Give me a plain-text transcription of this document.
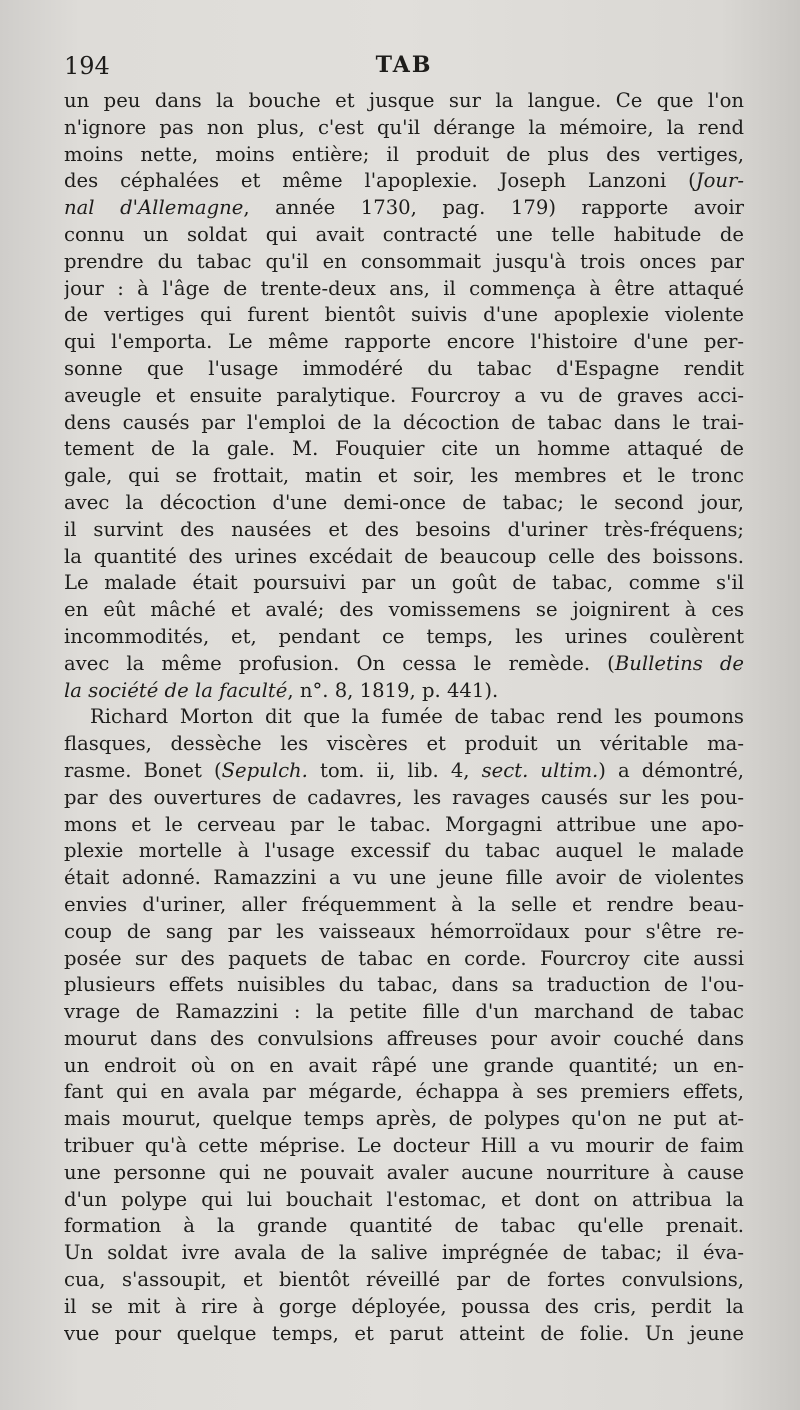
194	TAB
un peu dans la bouche et jusque sur la langue. Ce que l'on
n'ignore pas non plus, c'est qu'il dérange la mémoire, la rend
moins nette, moins entière; il produit de plus des vertiges,
des céphalées et même l'apoplexie. Joseph Lanzoni (Jour-
nal d'Allemagne, année 1730, pag. 179) rapporte avoir
connu un soldat qui avait contracté une telle habitude de
prendre du tabac qu'il en consommait jusqu'à trois onces par
jour : à l'âge de trente-deux ans, il commença à être attaqué
de vertiges qui furent bientôt suivis d'une apoplexie violente
qui l'emporta. Le même rapporte encore l'histoire d'une per-
sonne que l'usage immodéré du tabac d'Espagne rendit
aveugle et ensuite paralytique. Fourcroy a vu de graves acci-
dens causés par l'emploi de la décoction de tabac dans le trai-
tement de la gale. M. Fouquier cite un homme attaqué de
gale, qui se frottait, matin et soir, les membres et le tronc
avec la décoction d'une demi-once de tabac; le second jour,
il survint des nausées et des besoins d'uriner très-fréquens;
la quantité des urines excédait de beaucoup celle des boissons.
Le malade était poursuivi par un goût de tabac, comme s'il
en eût mâché et avalé; des vomissemens se joignirent à ces
incommodités, et, pendant ce temps, les urines coulèrent
avec la même profusion. On cessa le remède. (Bulletins de
la société de la faculté, n°. 8, 1819, p. 441).
Richard Morton dit que la fumée de tabac rend les poumons
flasques, dessèche les viscères et produit un véritable ma-
rasme. Bonet (Sepulch. tom. ii, lib. 4, sect. ultim.) a démontré,
par des ouvertures de cadavres, les ravages causés sur les pou-
mons et le cerveau par le tabac. Morgagni attribue une apo-
plexie mortelle à l'usage excessif du tabac auquel le malade
était adonné. Ramazzini a vu une jeune fille avoir de violentes
envies d'uriner, aller fréquemment à la selle et rendre beau-
coup de sang par les vaisseaux hémorroïdaux pour s'être re-
posée sur des paquets de tabac en corde. Fourcroy cite aussi
plusieurs effets nuisibles du tabac, dans sa traduction de l'ou-
vrage de Ramazzini : la petite fille d'un marchand de tabac
mourut dans des convulsions affreuses pour avoir couché dans
un endroit où on en avait râpé une grande quantité; un en-
fant qui en avala par mégarde, échappa à ses premiers effets,
mais mourut, quelque temps après, de polypes qu'on ne put at-
tribuer qu'à cette méprise. Le docteur Hill a vu mourir de faim
une personne qui ne pouvait avaler aucune nourriture à cause
d'un polype qui lui bouchait l'estomac, et dont on attribua la
formation à la grande quantité de tabac qu'elle prenait.
Un soldat ivre avala de la salive imprégnée de tabac; il éva-
cua, s'assoupit, et bientôt réveillé par de fortes convulsions,
il se mit à rire à gorge déployée, poussa des cris, perdit la
vue pour quelque temps, et parut atteint de folie. Un jeune
